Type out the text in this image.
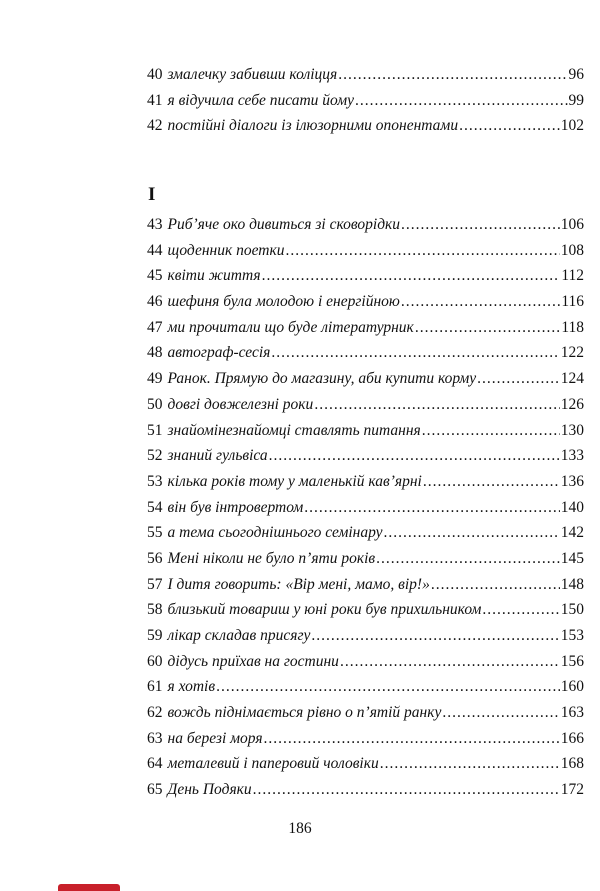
40 змалечку забивши коліцця .....	96
41 я відучила себе писати йому .....	99
42 постійні діалоги із ілюзорними опонентами .....	102
І
43 Риб’яче око дивиться зі сковорідки .....	106
44 щоденник поетки .....	108
45 квіти життя .....	112
46 шефиня була молодою і енергійною .....	116
47 ми прочитали що буде літературник .....	118
48 автограф-сесія .....	122
49 Ранок. Прямую до магазину, аби купити корму .....	124
50 довгі довжелезні роки .....	126
51 знайомінезнайомці ставлять питання .....	130
52 знаний гульвіса .....	133
53 кілька років тому у маленькій кав’ярні .....	136
54 він був інтровертом .....	140
55 а тема сьогоднішнього семінару .....	142
56 Мені ніколи не було п’яти років .....	145
57 І дитя говорить: «Вір мені, мамо, вір!» .....	148
58 близький товариш у юні роки був прихильником .....	150
59 лікар складав присягу .....	153
60 дідусь приїхав на гостини .....	156
61 я хотів .....	160
62 вождь піднімається рівно о п’ятій ранку .....	163
63 на березі моря .....	166
64 металевий і паперовий чоловіки .....	168
65 День Подяки .....	172
186
